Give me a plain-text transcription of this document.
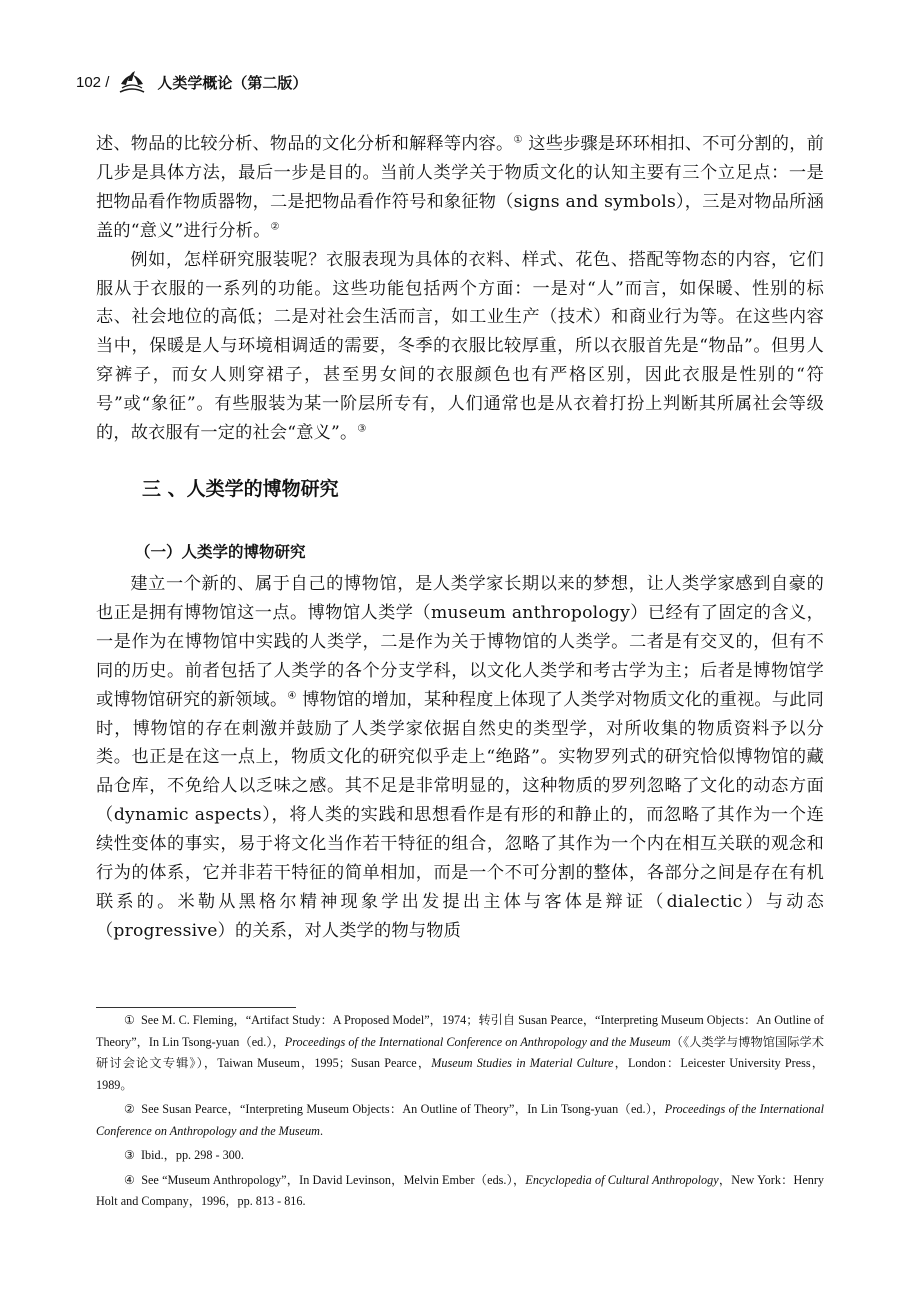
102 /	人类学概论（第二版）

述、物品的比较分析、物品的文化分析和解释等内容。① 这些步骤是环环相扣、不可分割的，前几步是具体方法，最后一步是目的。当前人类学关于物质文化的认知主要有三个立足点：一是把物品看作物质器物，二是把物品看作符号和象征物（signs and symbols），三是对物品所涵盖的“意义”进行分析。②

例如，怎样研究服装呢？衣服表现为具体的衣料、样式、花色、搭配等物态的内容，它们服从于衣服的一系列的功能。这些功能包括两个方面：一是对“人”而言，如保暖、性别的标志、社会地位的高低；二是对社会生活而言，如工业生产（技术）和商业行为等。在这些内容当中，保暖是人与环境相调适的需要，冬季的衣服比较厚重，所以衣服首先是“物品”。但男人穿裤子，而女人则穿裙子，甚至男女间的衣服颜色也有严格区别，因此衣服是性别的“符号”或“象征”。有些服装为某一阶层所专有，人们通常也是从衣着打扮上判断其所属社会等级的，故衣服有一定的社会“意义”。③

三 、人类学的博物研究
（一）人类学的博物研究

建立一个新的、属于自己的博物馆，是人类学家长期以来的梦想，让人类学家感到自豪的也正是拥有博物馆这一点。博物馆人类学（museum anthropology）已经有了固定的含义，一是作为在博物馆中实践的人类学，二是作为关于博物馆的人类学。二者是有交叉的，但有不同的历史。前者包括了人类学的各个分支学科，以文化人类学和考古学为主；后者是博物馆学或博物馆研究的新领域。④ 博物馆的增加，某种程度上体现了人类学对物质文化的重视。与此同时，博物馆的存在刺激并鼓励了人类学家依据自然史的类型学，对所收集的物质资料予以分类。也正是在这一点上，物质文化的研究似乎走上“绝路”。实物罗列式的研究恰似博物馆的藏品仓库，不免给人以乏味之感。其不足是非常明显的，这种物质的罗列忽略了文化的动态方面（dynamic aspects），将人类的实践和思想看作是有形的和静止的，而忽略了其作为一个连续性变体的事实，易于将文化当作若干特征的组合，忽略了其作为一个内在相互关联的观念和行为的体系，它并非若干特征的简单相加，而是一个不可分割的整体，各部分之间是存在有机联系的。米勒从黑格尔精神现象学出发提出主体与客体是辩证（dialectic）与动态（progressive）的关系，对人类学的物与物质

① See M. C. Fleming，“Artifact Study：A Proposed Model”，1974；转引自 Susan Pearce，“Interpreting Museum Objects：An Outline of Theory”，In Lin Tsong-yuan（ed.），Proceedings of the International Conference on Anthropology and the Museum（《人类学与博物馆国际学术研讨会论文专辑》），Taiwan Museum，1995；Susan Pearce，Museum Studies in Material Culture，London：Leicester University Press，1989。

② See Susan Pearce，“Interpreting Museum Objects：An Outline of Theory”，In Lin Tsong-yuan（ed.），Proceedings of the International Conference on Anthropology and the Museum.

③ Ibid.，pp. 298 - 300.

④ See “Museum Anthropology”，In David Levinson，Melvin Ember（eds.），Encyclopedia of Cultural Anthropology，New York：Henry Holt and Company，1996，pp. 813 - 816.
